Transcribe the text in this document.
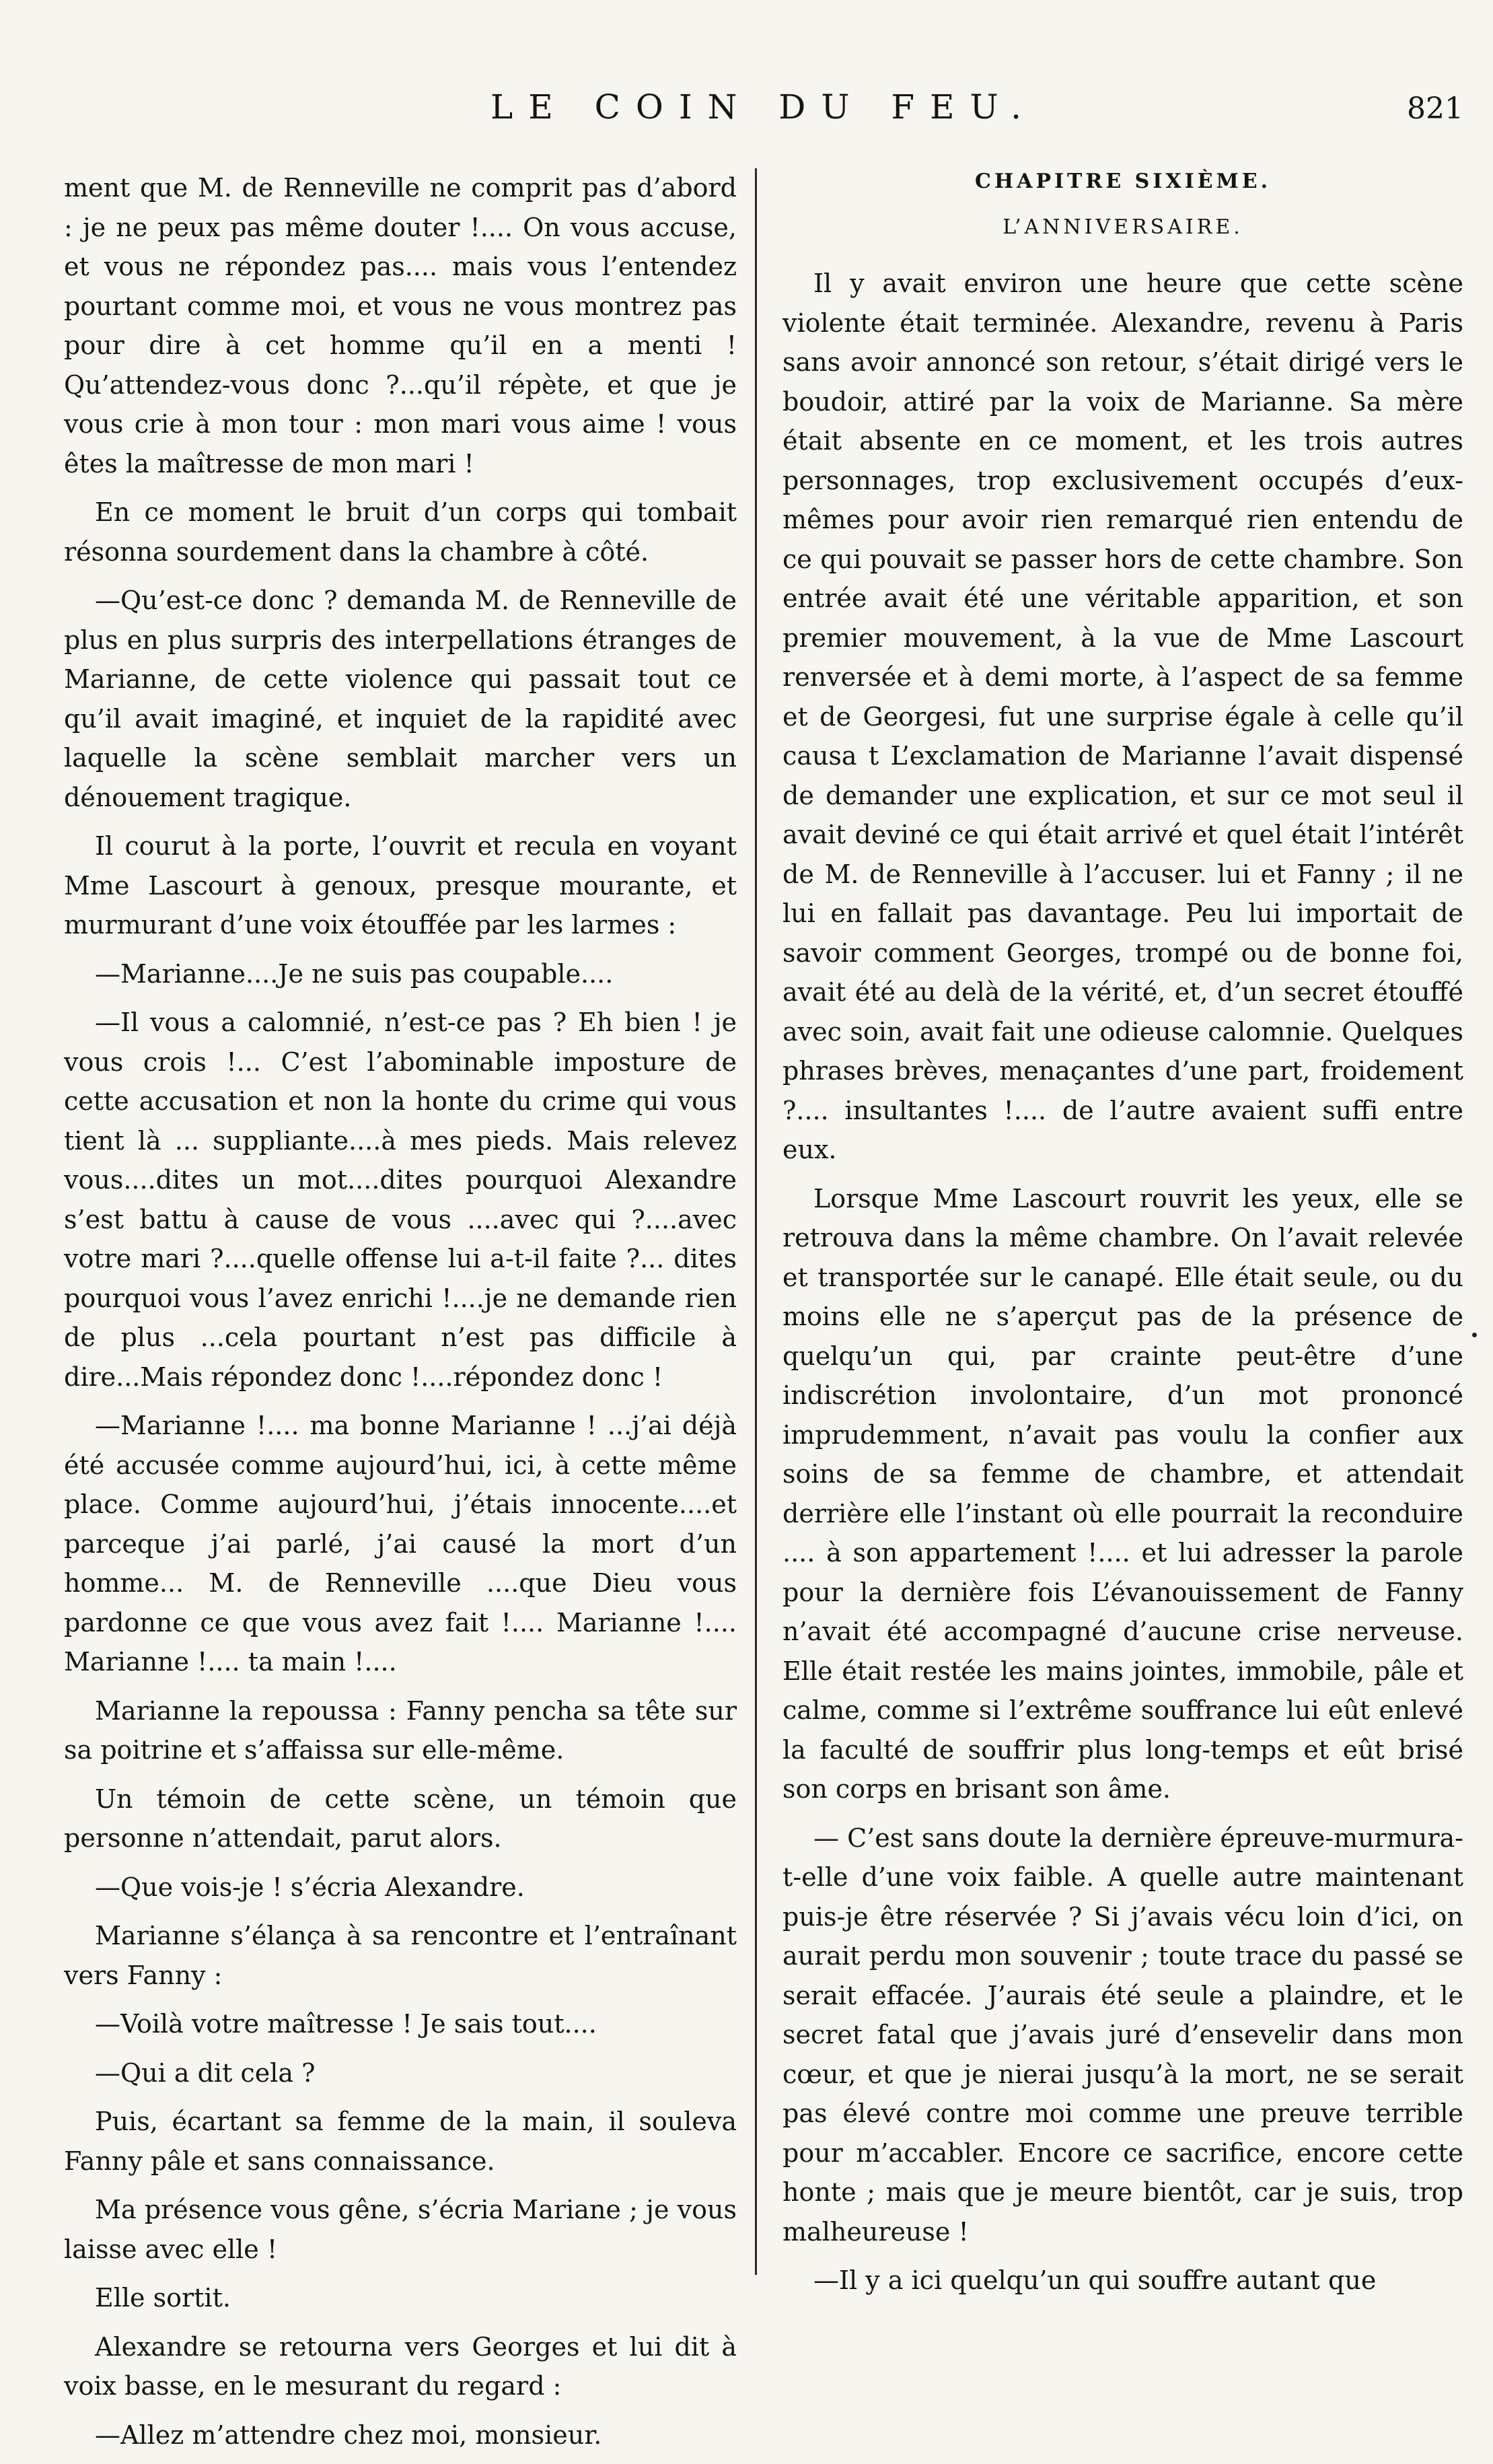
LE COIN DU FEU.	821

ment que M. de Renneville ne comprit pas d’abord : je ne peux pas même douter !.... On vous accuse, et vous ne répondez pas.... mais vous l’entendez pourtant comme moi, et vous ne vous montrez pas pour dire à cet homme qu’il en a menti ! Qu’attendez-vous donc ?...qu’il répète, et que je vous crie à mon tour : mon mari vous aime ! vous êtes la maîtresse de mon mari !

En ce moment le bruit d’un corps qui tombait résonna sourdement dans la chambre à côté.

—Qu’est-ce donc ? demanda M. de Renneville de plus en plus surpris des interpellations étranges de Marianne, de cette violence qui passait tout ce qu’il avait imaginé, et inquiet de la rapidité avec laquelle la scène semblait marcher vers un dénouement tragique.

Il courut à la porte, l’ouvrit et recula en voyant Mme Lascourt à genoux, presque mourante, et murmurant d’une voix étouffée par les larmes :

—Marianne....Je ne suis pas coupable....

—Il vous a calomnié, n’est-ce pas ? Eh bien ! je vous crois !... C’est l’abominable imposture de cette accusation et non la honte du crime qui vous tient là ... suppliante....à mes pieds. Mais relevez vous....dites un mot....dites pourquoi Alexandre s’est battu à cause de vous ....avec qui ?....avec votre mari ?....quelle offense lui a-t-il faite ?... dites pourquoi vous l’avez enrichi !....je ne demande rien de plus ...cela pourtant n’est pas difficile à dire...Mais répondez donc !....répondez donc !

—Marianne !.... ma bonne Marianne ! ...j’ai déjà été accusée comme aujourd’hui, ici, à cette même place. Comme aujourd’hui, j’étais innocente....et parceque j’ai parlé, j’ai causé la mort d’un homme... M. de Renneville ....que Dieu vous pardonne ce que vous avez fait !.... Marianne !.... Marianne !.... ta main !....

Marianne la repoussa : Fanny pencha sa tête sur sa poitrine et s’affaissa sur elle-même.

Un témoin de cette scène, un témoin que personne n’attendait, parut alors.

—Que vois-je ! s’écria Alexandre.

Marianne s’élança à sa rencontre et l’entraînant vers Fanny :

—Voilà votre maîtresse ! Je sais tout....

—Qui a dit cela ?

Puis, écartant sa femme de la main, il souleva Fanny pâle et sans connaissance.

Ma présence vous gêne, s’écria Mariane ; je vous laisse avec elle !

Elle sortit.

Alexandre se retourna vers Georges et lui dit à voix basse, en le mesurant du regard :

—Allez m’attendre chez moi, monsieur.

CHAPITRE SIXIÈME.
L’ANNIVERSAIRE.

Il y avait environ une heure que cette scène violente était terminée. Alexandre, revenu à Paris sans avoir annoncé son retour, s’était dirigé vers le boudoir, attiré par la voix de Marianne. Sa mère était absente en ce moment, et les trois autres personnages, trop exclusivement occupés d’eux-mêmes pour avoir rien remarqué rien entendu de ce qui pouvait se passer hors de cette chambre. Son entrée avait été une véritable apparition, et son premier mouvement, à la vue de Mme Lascourt renversée et à demi morte, à l’aspect de sa femme et de Georgesi, fut une surprise égale à celle qu’il causa t L’exclamation de Marianne l’avait dispensé de demander une explication, et sur ce mot seul il avait deviné ce qui était arrivé et quel était l’intérêt de M. de Renneville à l’accuser. lui et Fanny ; il ne lui en fallait pas davantage. Peu lui importait de savoir comment Georges, trompé ou de bonne foi, avait été au delà de la vérité, et, d’un secret étouffé avec soin, avait fait une odieuse calomnie. Quelques phrases brèves, menaçantes d’une part, froidement ?.... insultantes !.... de l’autre avaient suffi entre eux.

Lorsque Mme Lascourt rouvrit les yeux, elle se retrouva dans la même chambre. On l’avait relevée et transportée sur le canapé. Elle était seule, ou du moins elle ne s’aperçut pas de la présence de quelqu’un qui, par crainte peut-être d’une indiscrétion involontaire, d’un mot prononcé imprudemment, n’avait pas voulu la confier aux soins de sa femme de chambre, et attendait derrière elle l’instant où elle pourrait la reconduire .... à son appartement !.... et lui adresser la parole pour la dernière fois L’évanouissement de Fanny n’avait été accompagné d’aucune crise nerveuse. Elle était restée les mains jointes, immobile, pâle et calme, comme si l’extrême souffrance lui eût enlevé la faculté de souffrir plus long-temps et eût brisé son corps en brisant son âme.

— C’est sans doute la dernière épreuve-murmura-t-elle d’une voix faible. A quelle autre maintenant puis-je être réservée ? Si j’avais vécu loin d’ici, on aurait perdu mon souvenir ; toute trace du passé se serait effacée. J’aurais été seule a plaindre, et le secret fatal que j’avais juré d’ensevelir dans mon cœur, et que je nierai jusqu’à la mort, ne se serait pas élevé contre moi comme une preuve terrible pour m’accabler. Encore ce sacrifice, encore cette honte ; mais que je meure bientôt, car je suis, trop malheureuse !

—Il y a ici quelqu’un qui souffre autant que
